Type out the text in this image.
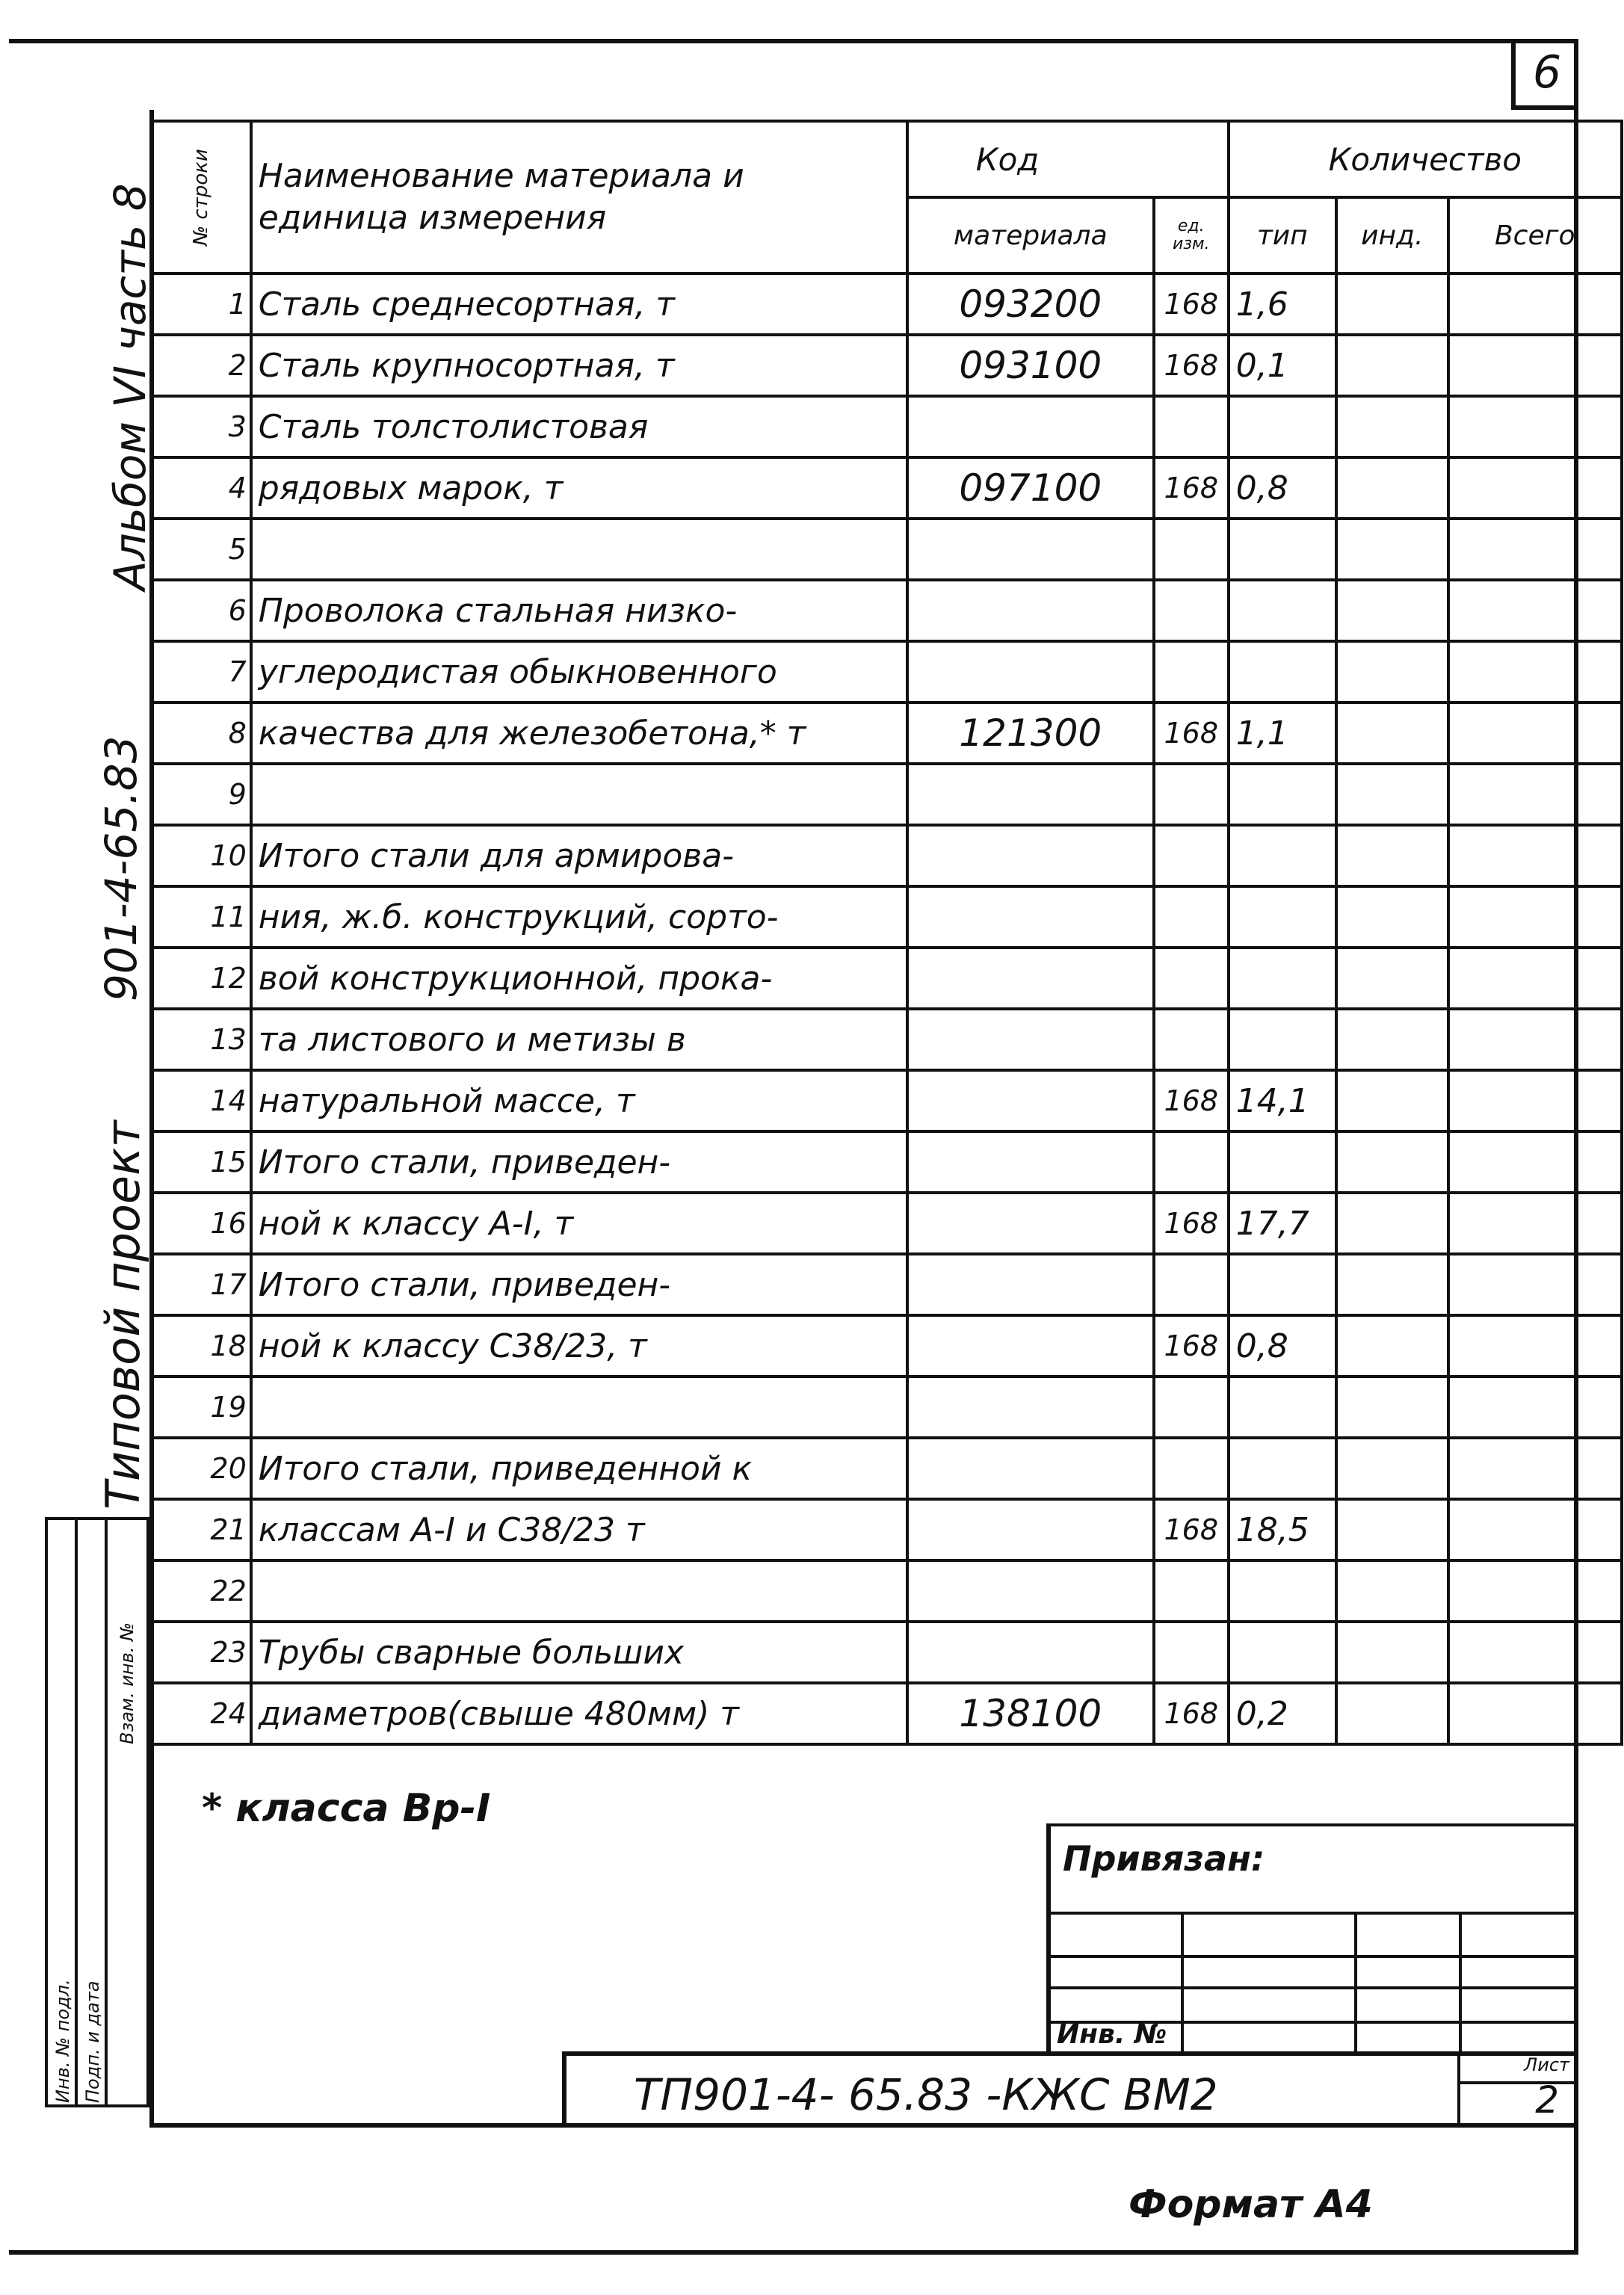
6
Альбом VI часть 8
901-4-65.83
Типовой проект
Инв. № подл. Подп. и дата
Взам. инв. №
№ строки	Наименование материала и единица измерения	Код		Количество		
		материала	ед. изм.	тип	инд.	Всего
1	Сталь среднесортная, т	093200	168	1,6		
2	Сталь крупносортная, т	093100	168	0,1		
3	Сталь толстолистовая					
4	рядовых марок, т	097100	168	0,8		
5						
6	Проволока стальная низко-					
7	углеродистая обыкновенного					
8	качества для железобетона,* т	121300	168	1,1		
9						
10	Итого стали для армирова-					
11	ния, ж.б. конструкций, сорто-					
12	вой конструкционной, прока-					
13	та листового и метизы в					
14	натуральной массе, т		168	14,1		
15	Итого стали, приведен-					
16	ной к классу А-I, т		168	17,7		
17	Итого стали, приведен-					
18	ной к классу С38/23, т		168	0,8		
19						
20	Итого стали, приведенной к					
21	классам А-I и С38/23 т		168	18,5		
22						
23	Трубы сварные больших					
24	диаметров(свыше 480мм) т	138100	168	0,2		
* класса Вр-I
Привязан:
Инв. №
ТП901-4- 65.83 -КЖС ВМ2
Лист
2
Формат А4
